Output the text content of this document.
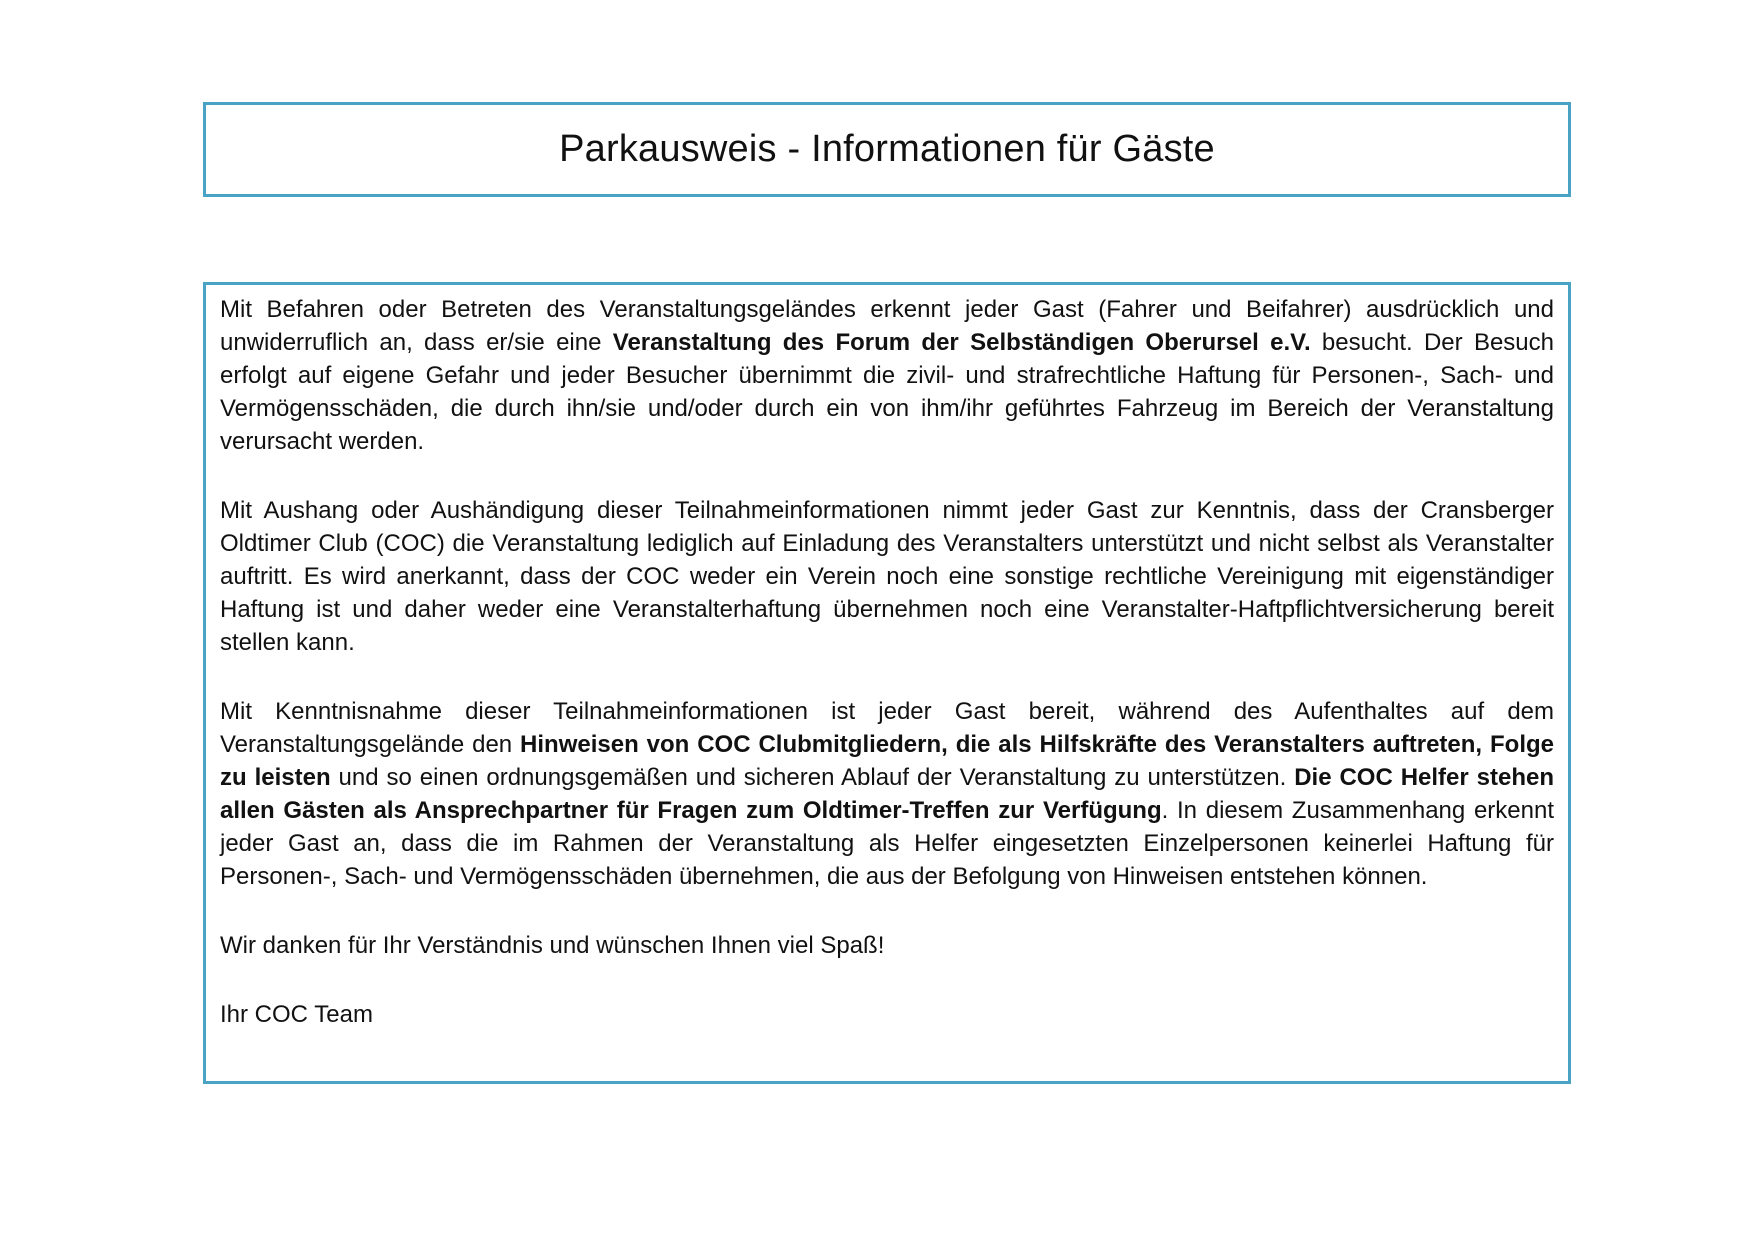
Parkausweis - Informationen für Gäste

Mit Befahren oder Betreten des Veranstaltungsgeländes erkennt jeder Gast (Fahrer und Beifahrer) ausdrücklich und unwiderruflich an, dass er/sie eine Veranstaltung des Forum der Selbständigen Oberursel e.V. besucht. Der Besuch erfolgt auf eigene Gefahr und jeder Besucher übernimmt die zivil- und strafrechtliche Haftung für Personen-, Sach- und Vermögensschäden, die durch ihn/sie und/oder durch ein von ihm/ihr geführtes Fahrzeug im Bereich der Veranstaltung verursacht werden.

Mit Aushang oder Aushändigung dieser Teilnahmeinformationen nimmt jeder Gast zur Kenntnis, dass der Cransberger Oldtimer Club (COC) die Veranstaltung lediglich auf Einladung des Veranstalters unterstützt und nicht selbst als Veranstalter auftritt. Es wird anerkannt, dass der COC weder ein Verein noch eine sonstige rechtliche Vereinigung mit eigenständiger Haftung ist und daher weder eine Veranstalterhaftung übernehmen noch eine Veranstalter-Haftpflichtversicherung bereit stellen kann.

Mit Kenntnisnahme dieser Teilnahmeinformationen ist jeder Gast bereit, während des Aufenthaltes auf dem Veranstaltungsgelände den Hinweisen von COC Clubmitgliedern, die als Hilfskräfte des Veranstalters auftreten, Folge zu leisten und so einen ordnungsgemäßen und sicheren Ablauf der Veranstaltung zu unterstützen. Die COC Helfer stehen allen Gästen als Ansprechpartner für Fragen zum Oldtimer-Treffen zur Verfügung. In diesem Zusammenhang erkennt jeder Gast an, dass die im Rahmen der Veranstaltung als Helfer eingesetzten Einzelpersonen keinerlei Haftung für Personen-, Sach- und Vermögensschäden übernehmen, die aus der Befolgung von Hinweisen entstehen können.

Wir danken für Ihr Verständnis und wünschen Ihnen viel Spaß!

Ihr COC Team
